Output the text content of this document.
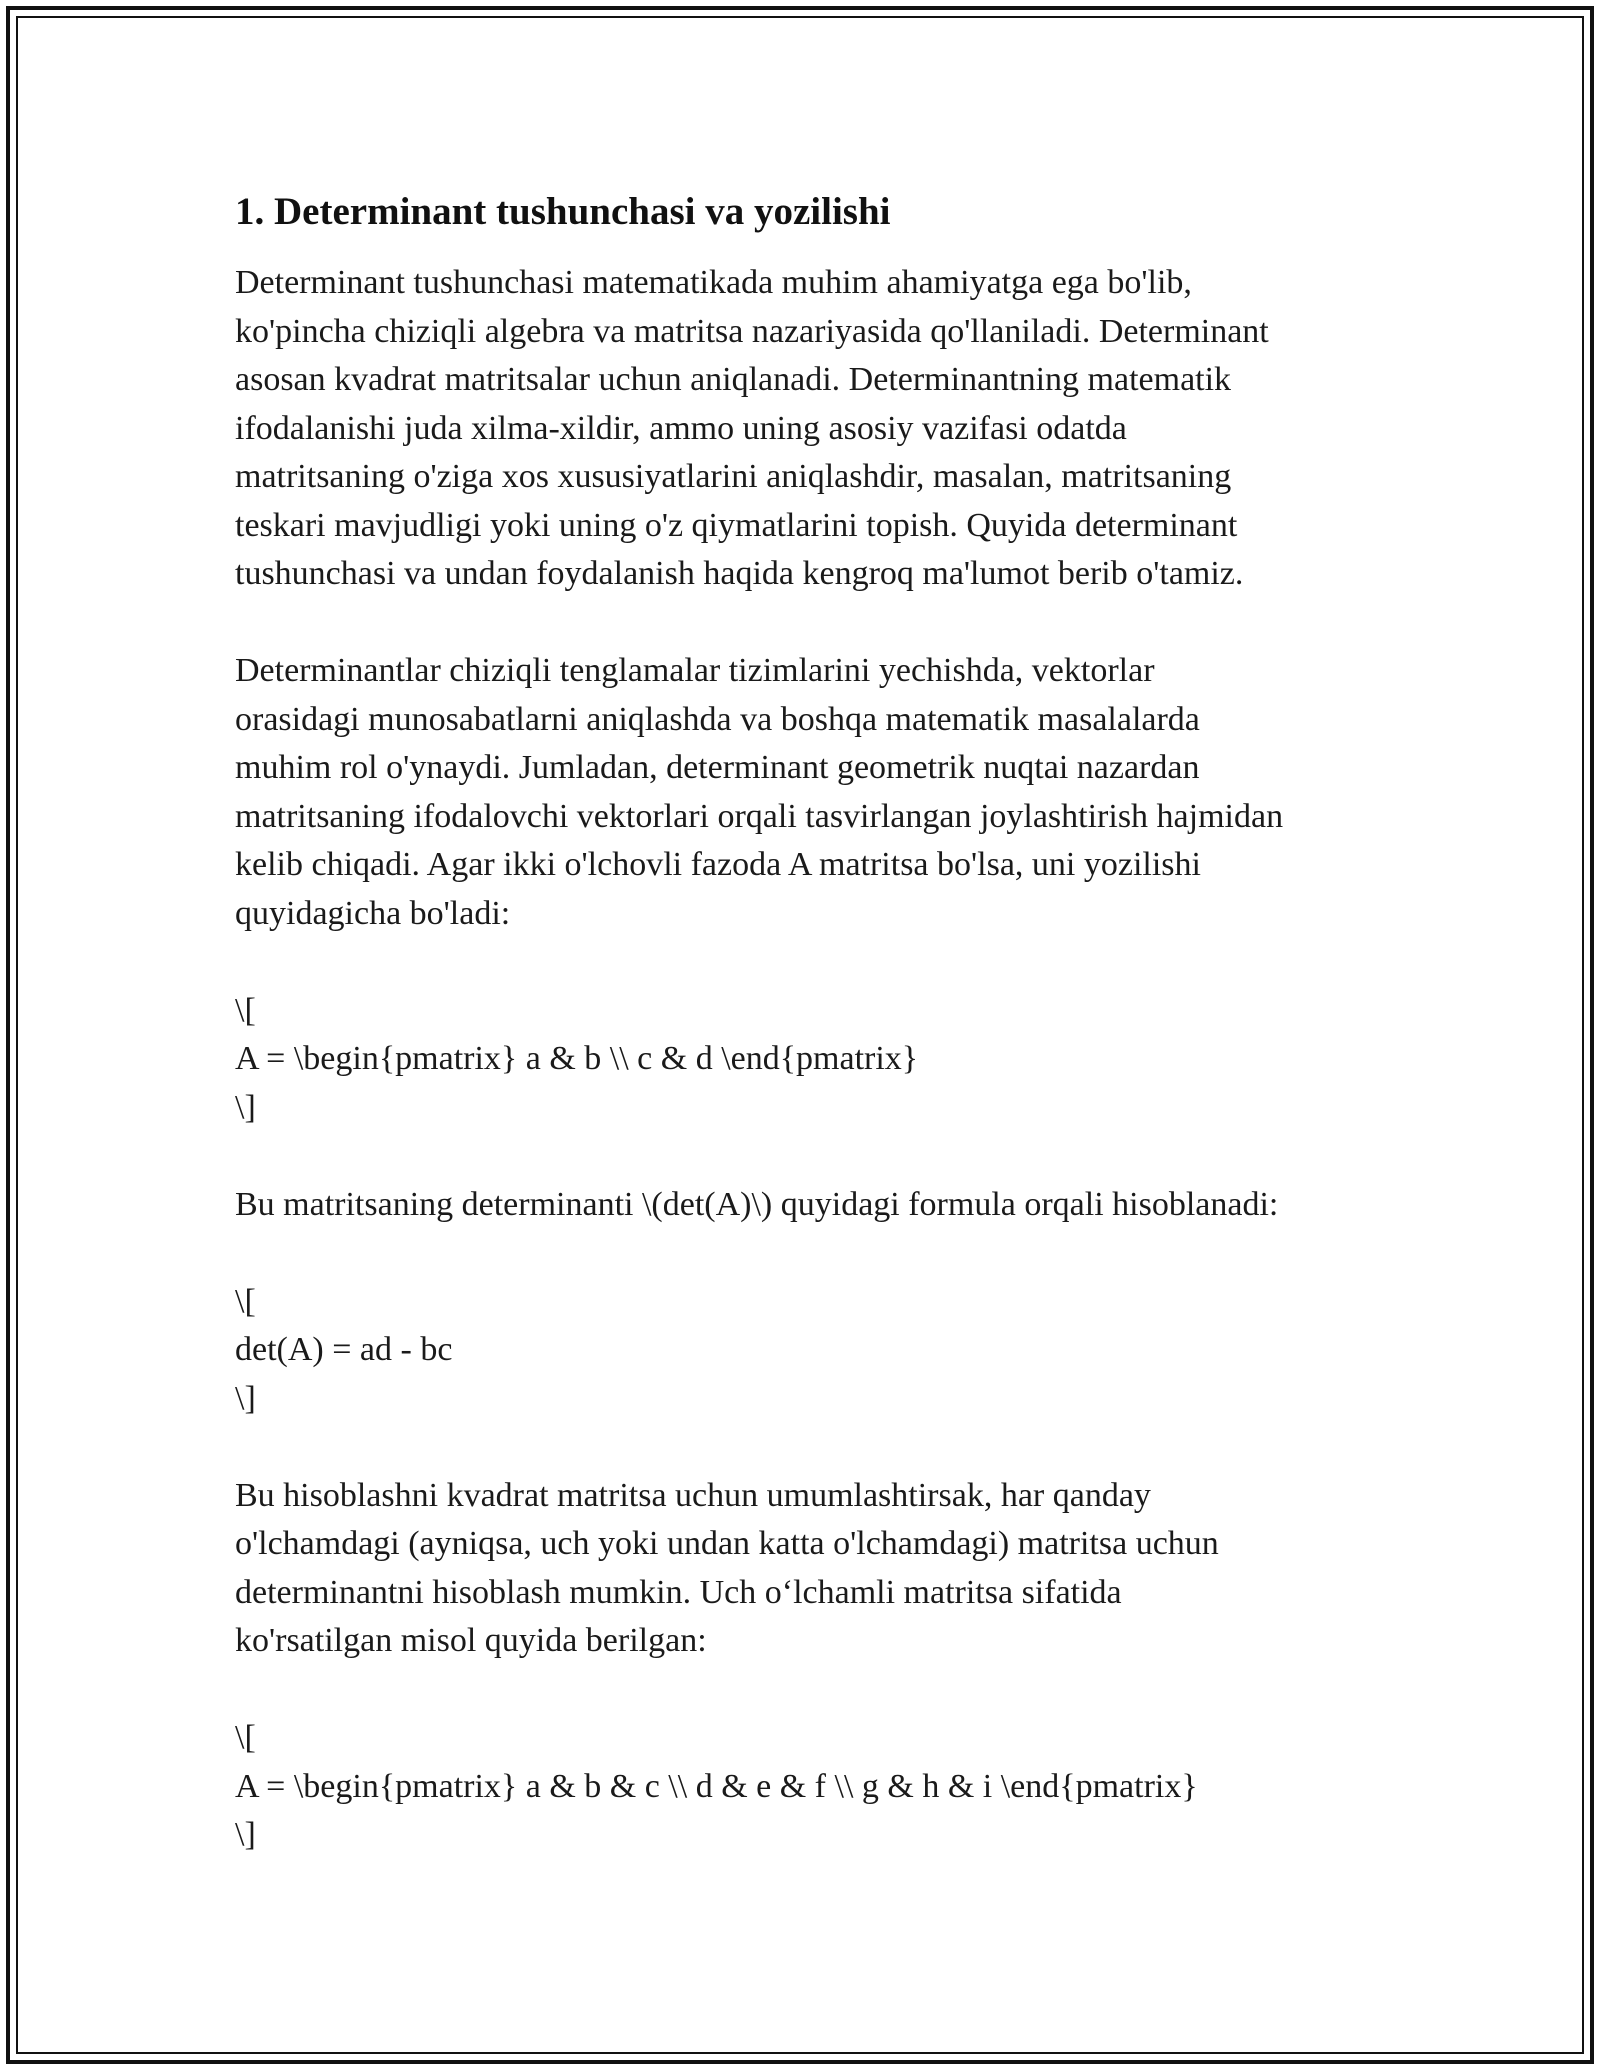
1. Determinant tushunchasi va yozilishi

Determinant tushunchasi matematikada muhim ahamiyatga ega bo'lib,
ko'pincha chiziqli algebra va matritsa nazariyasida qo'llaniladi. Determinant
asosan kvadrat matritsalar uchun aniqlanadi. Determinantning matematik
ifodalanishi juda xilma-xildir, ammo uning asosiy vazifasi odatda
matritsaning o'ziga xos xususiyatlarini aniqlashdir, masalan, matritsaning
teskari mavjudligi yoki uning o'z qiymatlarini topish. Quyida determinant
tushunchasi va undan foydalanish haqida kengroq ma'lumot berib o'tamiz.

Determinantlar chiziqli tenglamalar tizimlarini yechishda, vektorlar
orasidagi munosabatlarni aniqlashda va boshqa matematik masalalarda
muhim rol o'ynaydi. Jumladan, determinant geometrik nuqtai nazardan
matritsaning ifodalovchi vektorlari orqali tasvirlangan joylashtirish hajmidan
kelib chiqadi. Agar ikki o'lchovli fazoda A matritsa bo'lsa, uni yozilishi
quyidagicha bo'ladi:

\[
A = \begin{pmatrix} a & b \\ c & d \end{pmatrix}
\]

Bu matritsaning determinanti \(det(A)\) quyidagi formula orqali hisoblanadi:

\[
det(A) = ad - bc
\]

Bu hisoblashni kvadrat matritsa uchun umumlashtirsak, har qanday
o'lchamdagi (ayniqsa, uch yoki undan katta o'lchamdagi) matritsa uchun
determinantni hisoblash mumkin. Uch o‘lchamli matritsa sifatida
ko'rsatilgan misol quyida berilgan:

\[
A = \begin{pmatrix} a & b & c \\ d & e & f \\ g & h & i \end{pmatrix}
\]
